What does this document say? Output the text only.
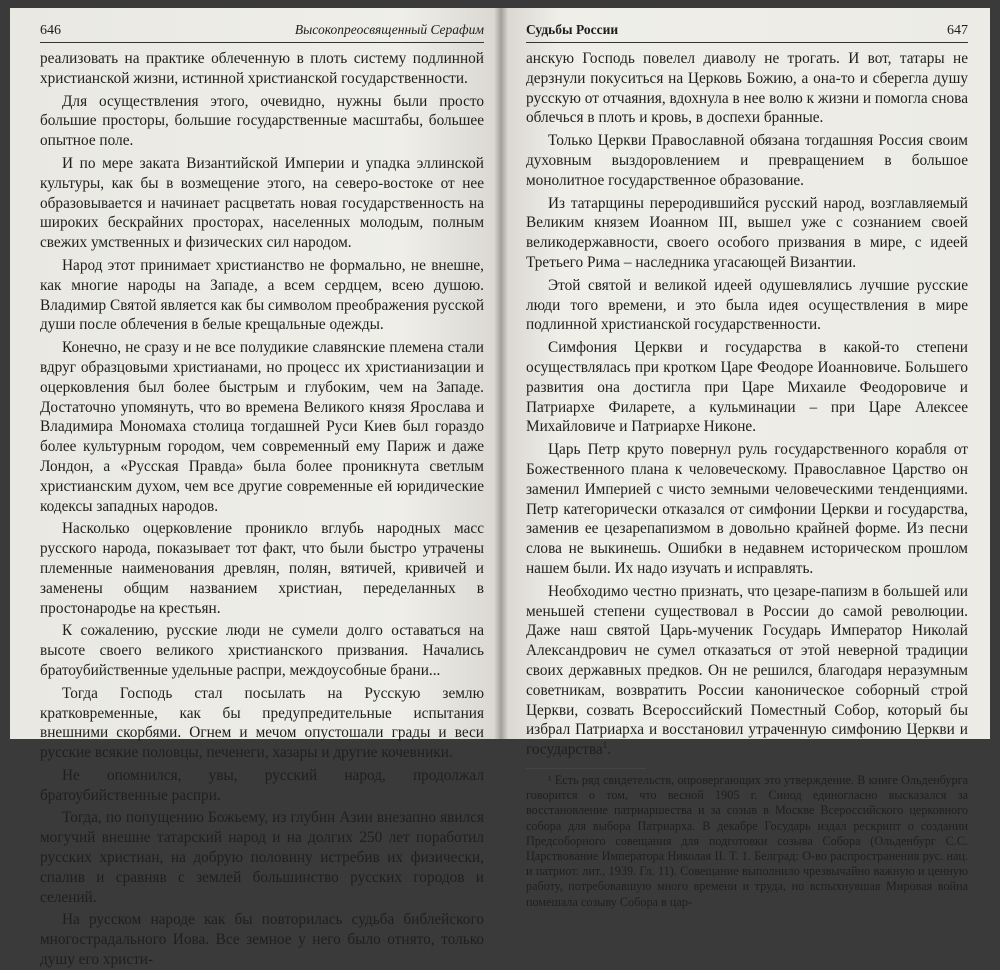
646	Высокопреосвященный Серафим

реализовать на практике облеченную в плоть систему подлинной христианской жизни, истинной христианской государственности.

Для осуществления этого, очевидно, нужны были просто большие просторы, большие государственные масштабы, большее опытное поле.

И по мере заката Византийской Империи и упадка эллинской культуры, как бы в возмещение этого, на северо-востоке от нее образовывается и начинает расцветать новая государственность на широких бескрайних просторах, населенных молодым, полным свежих умственных и физических сил народом.

Народ этот принимает христианство не формально, не внешне, как многие народы на Западе, а всем сердцем, всею душою. Владимир Святой является как бы символом преображения русской души после облечения в белые крещальные одежды.

Конечно, не сразу и не все полудикие славянские племена стали вдруг образцовыми христианами, но процесс их христианизации и оцерковления был более быстрым и глубоким, чем на Западе. Достаточно упомянуть, что во времена Великого князя Ярослава и Владимира Мономаха столица тогдашней Руси Киев был гораздо более культурным городом, чем современный ему Париж и даже Лондон, а «Русская Правда» была более проникнута светлым христианским духом, чем все другие современные ей юридические кодексы западных народов.

Насколько оцерковление проникло вглубь народных масс русского народа, показывает тот факт, что были быстро утрачены племенные наименования древлян, полян, вятичей, кривичей и заменены общим названием христиан, переделанных в простонародье на крестьян.

К сожалению, русские люди не сумели долго оставаться на высоте своего великого христианского призвания. Начались братоубийственные удельные распри, междоусобные брани...

Тогда Господь стал посылать на Русскую землю кратковременные, как бы предупредительные испытания внешними скорбями. Огнем и мечом опустошали грады и веси русские всякие половцы, печенеги, хазары и другие кочевники.

Не опомнился, увы, русский народ, продолжал братоубийственные распри.

Тогда, по попущению Божьему, из глубин Азии внезапно явился могучий внешне татарский народ и на долгих 250 лет поработил русских христиан, на добрую половину истребив их физически, спалив и сравняв с землей большинство русских городов и селений.

На русском народе как бы повторилась судьба библейского многострадального Иова. Все земное у него было отнято, только душу его христи-

Судьбы России	647

анскую Господь повелел диаволу не трогать. И вот, татары не дерзнули покуситься на Церковь Божию, а она-то и сберегла душу русскую от отчаяния, вдохнула в нее волю к жизни и помогла снова облечься в плоть и кровь, в доспехи бранные.

Только Церкви Православной обязана тогдашняя Россия своим духовным выздоровлением и превращением в большое монолитное государственное образование.

Из татарщины переродившийся русский народ, возглавляемый Великим князем Иоанном III, вышел уже с сознанием своей великодержавности, своего особого призвания в мире, с идеей Третьего Рима – наследника угасающей Византии.

Этой святой и великой идеей одушевлялись лучшие русские люди того времени, и это была идея осуществления в мире подлинной христианской государственности.

Симфония Церкви и государства в какой-то степени осуществлялась при кротком Царе Феодоре Иоанновиче. Большего развития она достигла при Царе Михаиле Феодоровиче и Патриархе Филарете, а кульминации – при Царе Алексее Михайловиче и Патриархе Никоне.

Царь Петр круто повернул руль государственного корабля от Божественного плана к человеческому. Православное Царство он заменил Империей с чисто земными человеческими тенденциями. Петр категорически отказался от симфонии Церкви и государства, заменив ее цезарепапизмом в довольно крайней форме. Из песни слова не выкинешь. Ошибки в недавнем историческом прошлом нашем были. Их надо изучать и исправлять.

Необходимо честно признать, что цезаре-папизм в большей или меньшей степени существовал в России до самой революции. Даже наш святой Царь-мученик Государь Император Николай Александрович не сумел отказаться от этой неверной традиции своих державных предков. Он не решился, благодаря неразумным советникам, возвратить России каноническое соборный строй Церкви, созвать Всероссийский Поместный Собор, который бы избрал Патриарха и восстановил утраченную симфонию Церкви и государства$^1$.

¹ Есть ряд свидетельств, опровергающих это утверждение. В книге Ольденбурга говорится о том, что весной 1905 г. Синод единогласно высказался за восстановление патриаршества и за созыв в Москве Всероссийского церковного собора для выбора Патриарха. В декабре Государь издал рескрипт о создании Предсоборного совещания для подготовки созыва Собора (Ольденбург С.С. Царствование Императора Николая II. Т. 1. Белград: О-во распространения рус. нац. и патриот. лит., 1939. Гл. 11). Совещание выполнило чрезвычайно важную и ценную работу, потребовавшую много времени и труда, но вспыхнувшая Мировая война помешала созыву Собора в цар-
